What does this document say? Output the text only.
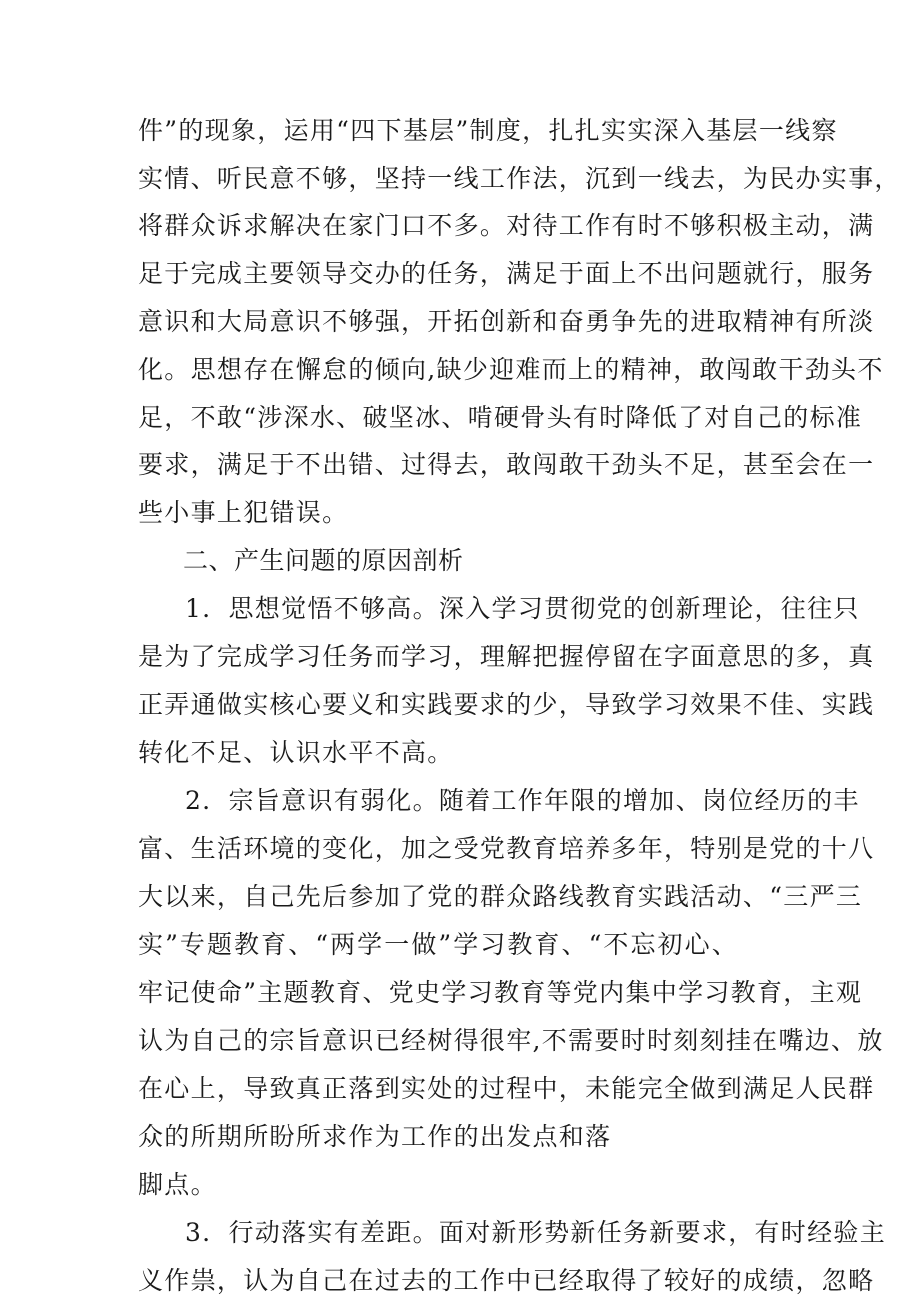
件”的现象，运用“四下基层”制度，扎扎实实深入基层一线察
实情、听民意不够，坚持一线工作法，沉到一线去，为民办实事，
将群众诉求解决在家门口不多。对待工作有时不够积极主动，满
足于完成主要领导交办的任务，满足于面上不出问题就行，服务
意识和大局意识不够强，开拓创新和奋勇争先的进取精神有所淡
化。思想存在懈怠的倾向,缺少迎难而上的精神，敢闯敢干劲头不
足，不敢“涉深水、破坚冰、啃硬骨头有时降低了对自己的标准
要求，满足于不出错、过得去，敢闯敢干劲头不足，甚至会在一
些小事上犯错误。
二、产生问题的原因剖析
1．思想觉悟不够高。深入学习贯彻党的创新理论，往往只
是为了完成学习任务而学习，理解把握停留在字面意思的多，真
正弄通做实核心要义和实践要求的少，导致学习效果不佳、实践
转化不足、认识水平不高。
2．宗旨意识有弱化。随着工作年限的增加、岗位经历的丰
富、生活环境的变化，加之受党教育培养多年，特别是党的十八
大以来，自己先后参加了党的群众路线教育实践活动、“三严三
实”专题教育、“两学一做”学习教育、“不忘初心、
牢记使命”主题教育、党史学习教育等党内集中学习教育，主观
认为自己的宗旨意识已经树得很牢,不需要时时刻刻挂在嘴边、放
在心上，导致真正落到实处的过程中，未能完全做到满足人民群
众的所期所盼所求作为工作的出发点和落
脚点。
3．行动落实有差距。面对新形势新任务新要求，有时经验主
义作祟，认为自己在过去的工作中已经取得了较好的成绩，忽略
